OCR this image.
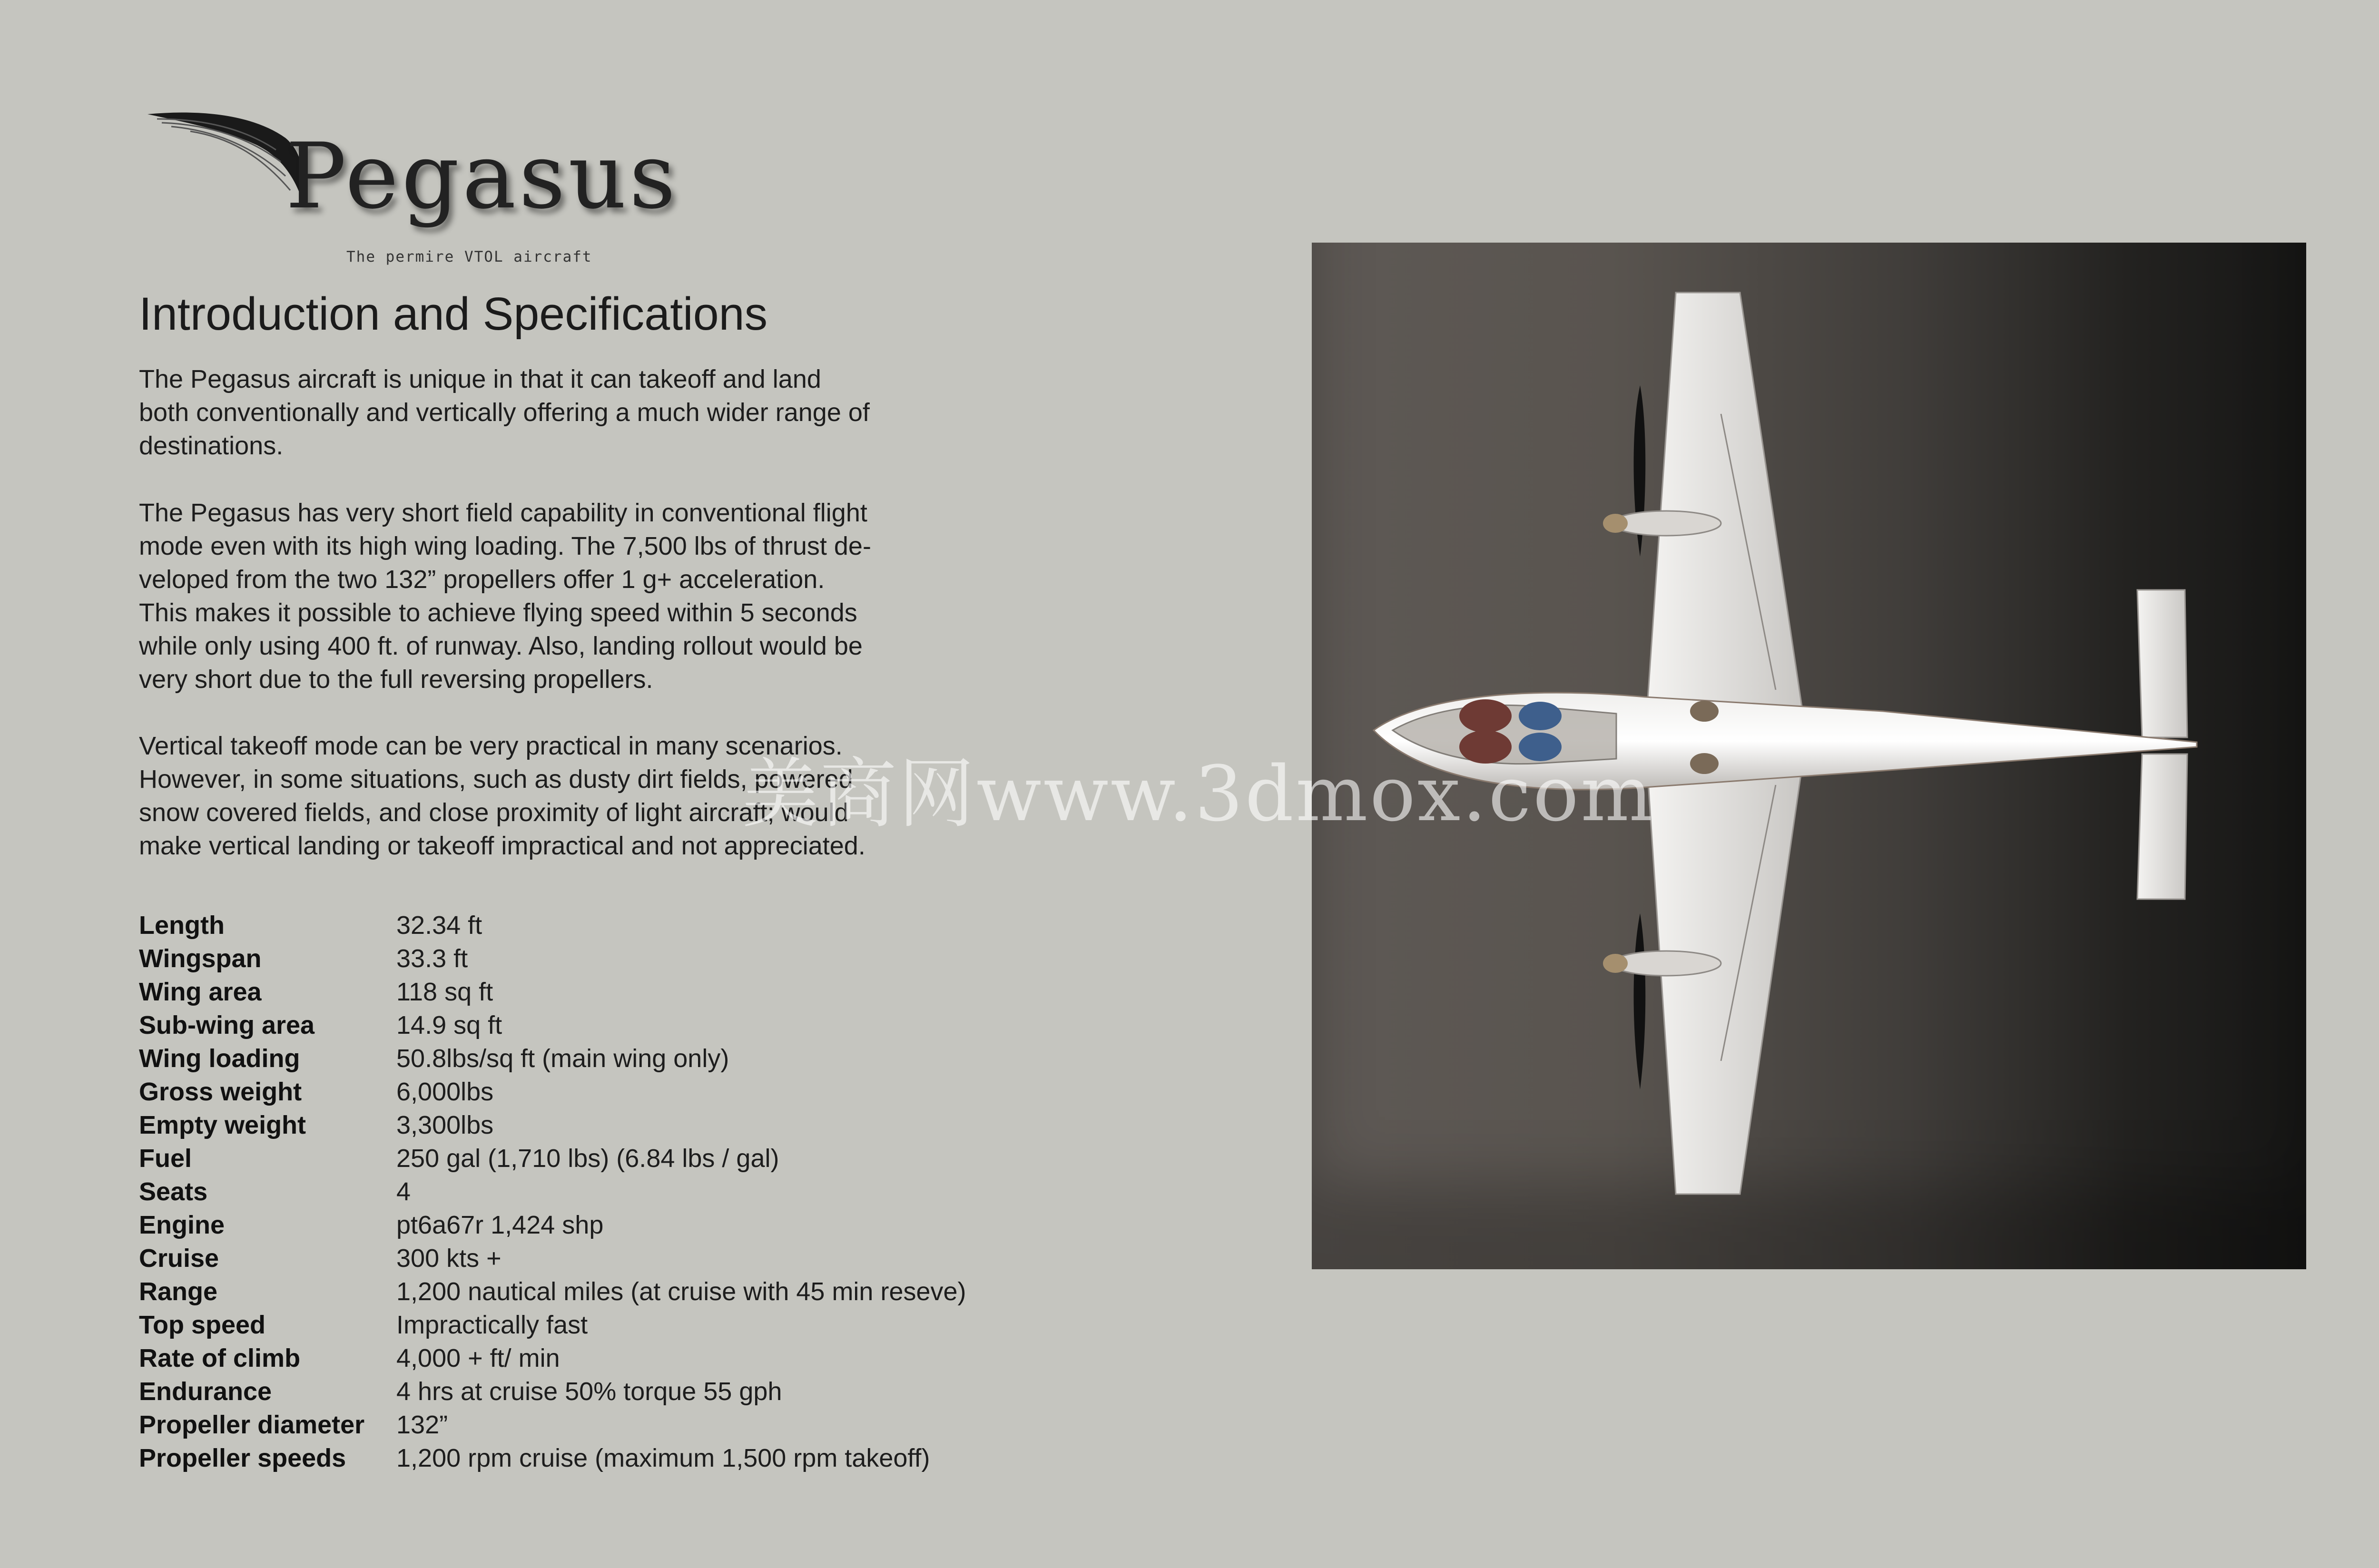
Pegasus
The permire VTOL aircraft
Introduction and Specifications
The Pegasus aircraft is unique in that it can takeoff and land
both conventionally and vertically offering a much wider range of
destinations.
The Pegasus has very short field capability in conventional flight
mode even with its high wing loading. The 7,500 lbs of thrust de-
veloped from the two 132” propellers offer 1 g+ acceleration.
This makes it possible to achieve flying speed within 5 seconds
while only using 400 ft. of runway. Also, landing rollout would be
very short due to the full reversing propellers.
Vertical takeoff mode can be very practical in many scenarios.
However, in some situations, such as dusty dirt fields, powered
snow covered fields, and close proximity of light aircraft; would
make vertical landing or takeoff impractical and not appreciated.
Length	32.34 ft
Wingspan	33.3 ft
Wing area	118 sq ft
Sub-wing area	14.9 sq ft
Wing loading	50.8lbs/sq ft (main wing only)
Gross weight	6,000lbs
Empty weight	3,300lbs
Fuel	250 gal (1,710 lbs) (6.84 lbs / gal)
Seats	4
Engine	pt6a67r 1,424 shp
Cruise	300 kts +
Range	1,200 nautical miles (at cruise with 45 min reseve)
Top speed	Impractically fast
Rate of climb	4,000 + ft/ min
Endurance	4 hrs at cruise 50% torque 55 gph
Propeller diameter	132”
Propeller speeds	1,200 rpm cruise (maximum 1,500 rpm takeoff)
美商网www.3dmox.com
